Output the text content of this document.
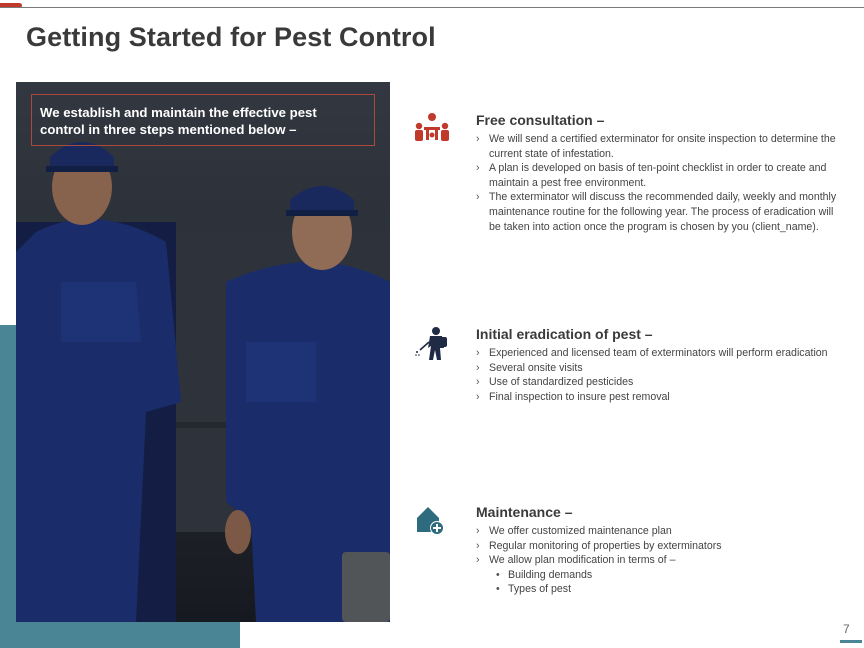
Getting Started for Pest Control
We establish and maintain the effective pest
control in three steps mentioned below –
Free consultation –
› We will send a certified exterminator for onsite inspection to determine the current state of infestation.
› A plan is developed on basis of ten-point checklist in order to create and maintain a pest free environment.
› The exterminator will discuss the recommended daily, weekly and monthly maintenance routine for the following year. The process of eradication will be taken into action once the program is chosen by you (client_name).
Initial eradication of pest –
› Experienced and licensed team of exterminators will perform eradication
› Several onsite visits
› Use of standardized pesticides
› Final inspection to insure pest removal
Maintenance –
› We offer customized maintenance plan
› Regular monitoring of properties by exterminators
› We allow plan modification in terms of –
• Building demands
• Types of pest
7
